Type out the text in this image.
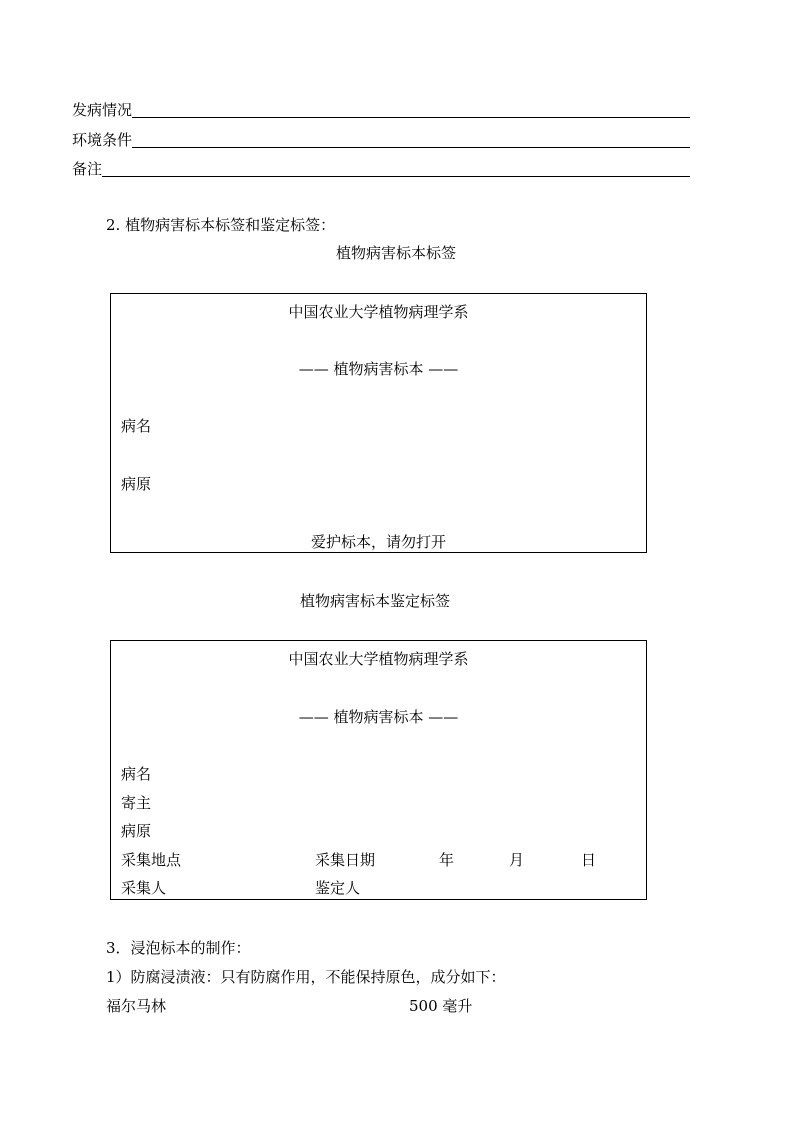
发病情况
环境条件
备注
2. 植物病害标本标签和鉴定标签：
植物病害标本标签
中国农业大学植物病理学系
—— 植物病害标本 ——
病名
病原
爱护标本，请勿打开
植物病害标本鉴定标签
中国农业大学植物病理学系
—— 植物病害标本 ——
病名
寄主
病原
采集地点	采集日期	年	月	日
采集人	鉴定人
3．浸泡标本的制作：
1）防腐浸渍液：只有防腐作用，不能保持原色，成分如下：
福尔马林	500 毫升
